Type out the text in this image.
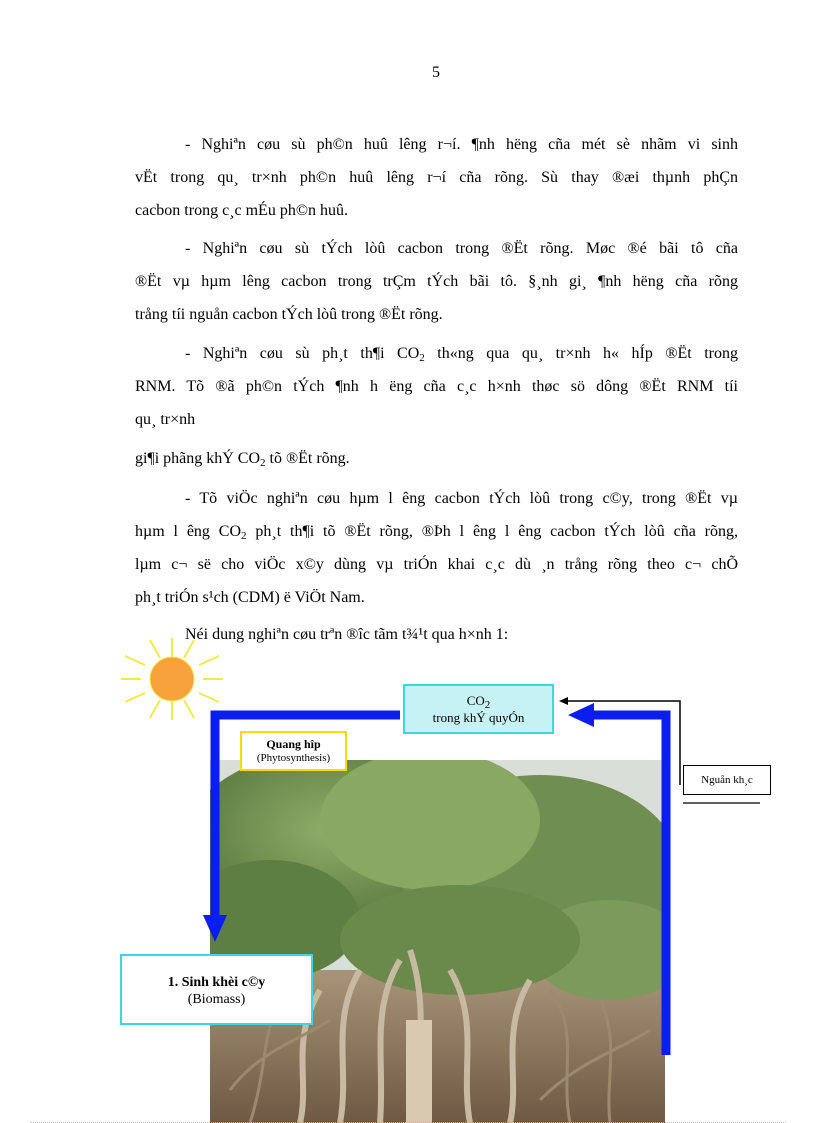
5

- Nghiªn cøu sù ph©n huû lêng r¬í. ¶nh hëng cña mét sè nhãm vi sinh
vËt trong qu¸ tr×nh ph©n huû lêng r¬í cña rõng. Sù thay ®æi thµnh phÇn
cacbon trong c¸c mÉu ph©n huû.

- Nghiªn cøu sù tÝch lòû cacbon trong ®Ët rõng. Møc ®é bãi tô cña
®Ët vµ hµm lêng cacbon trong trÇm tÝch bãi tô. §¸nh gi¸ ¶nh hëng cña rõng
trång tíi nguån cacbon tÝch lòû trong ®Ët rõng.

- Nghiªn cøu sù ph¸t th¶i $CO_2$ th«ng qua qu¸ tr×nh h« hÍp ®Ët trong
RNM. Tõ ®ã ph©n tÝch ¶nh h ëng cña c¸c h×nh thøc sö dông ®Ët RNM tíi
qu¸ tr×nh

gi¶i phãng khÝ $CO_2$ tõ ®Ët rõng.

- Tõ viÖc nghiªn cøu hµm l êng cacbon tÝch lòû trong c©y, trong ®Ët vµ
hµm l êng $CO_2$ ph¸t th¶i tõ ®Ët rõng, ®Þh l êng l êng cacbon tÝch lòû cña rõng,
lµm c¬ së cho viÖc x©y dùng vµ triÓn khai c¸c dù ¸n trång rõng theo c¬ chÕ
ph¸t triÓn s¹ch (CDM) ë ViÖt Nam.

Néi dung nghiªn cøu trªn ®îc tãm t¾¹t qua h×nh 1:

$CO_2$
trong khÝ quyÓn
Quang hîp
(Phytosynthesis)
Nguån kh¸c
1. Sinh khèi c©y
(Biomass)
